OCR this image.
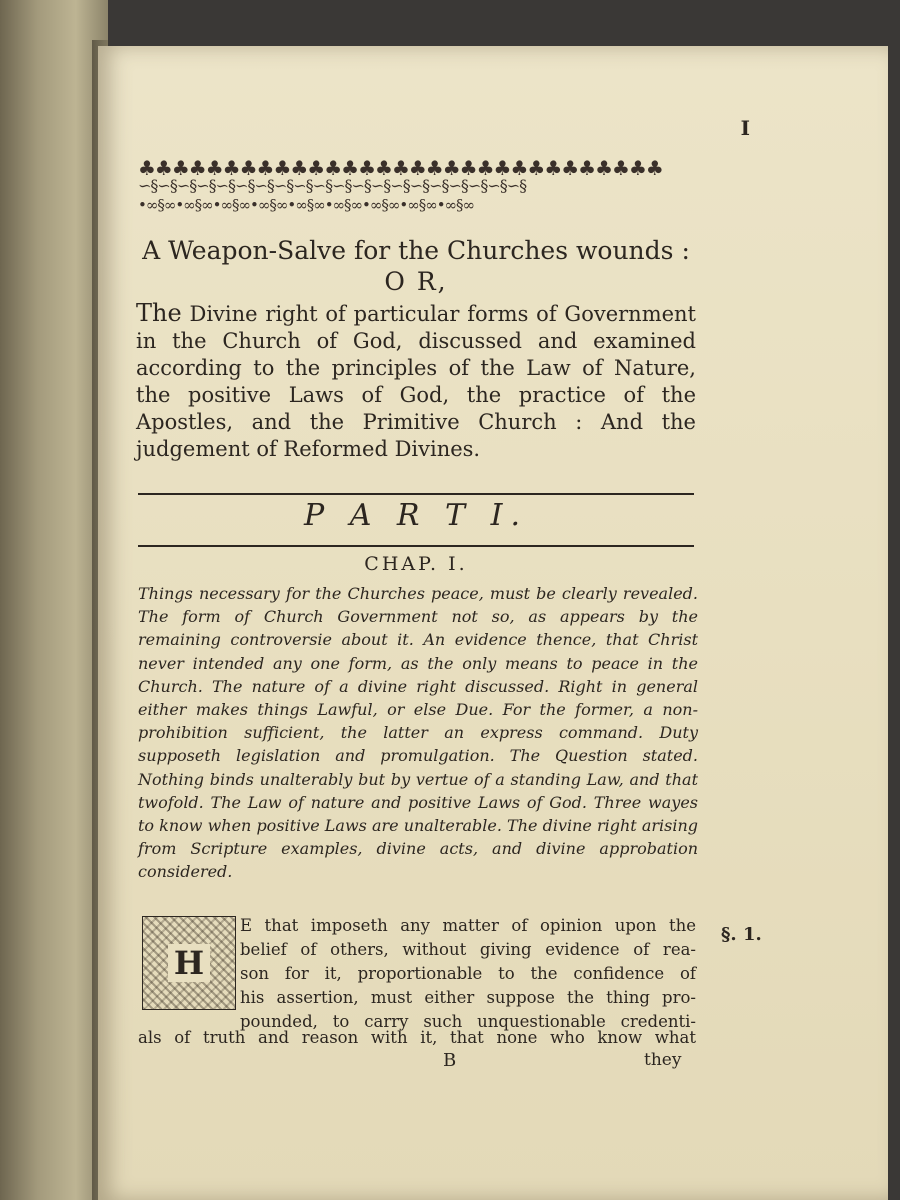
I
♣♣♣♣♣♣♣♣♣♣♣♣♣♣♣♣♣♣♣♣♣♣♣♣♣♣♣♣♣♣♣
∽§∽§∽§∽§∽§∽§∽§∽§∽§∽§∽§∽§∽§∽§∽§∽§∽§∽§∽§∽§
•∞§∞•∞§∞•∞§∞•∞§∞•∞§∞•∞§∞•∞§∞•∞§∞•∞§∞
A Weapon-Salve for the Churches wounds :
O R,
The Divine right of particular forms of Government in the Church of God, discussed and examined according to the principles of the Law of Nature, the positive Laws of God, the practice of the Apostles, and the Primitive Church : And the judgement of Reformed Divines.
P A R T I.
CHAP. I.
Things necessary for the Churches peace, must be clearly revealed. The form of Church Government not so, as appears by the remaining controversie about it. An evidence thence, that Christ never intended any one form, as the only means to peace in the Church. The nature of a divine right discussed. Right in general either makes things Lawful, or else Due. For the former, a non-prohibition sufficient, the latter an express command. Duty supposeth legislation and promulgation. The Question stated. Nothing binds unalterably but by vertue of a standing Law, and that twofold. The Law of nature and positive Laws of God. Three wayes to know when positive Laws are unalterable. The divine right arising from Scripture examples, divine acts, and divine approbation considered.
H
E that imposeth any matter of opinion upon the
belief of others, without giving evidence of rea-
son for it, proportionable to the confidence of
his assertion, must either suppose the thing pro-
pounded, to carry such unquestionable credenti-
als of truth and reason with it, that none who know what
§. 1.
B	they
